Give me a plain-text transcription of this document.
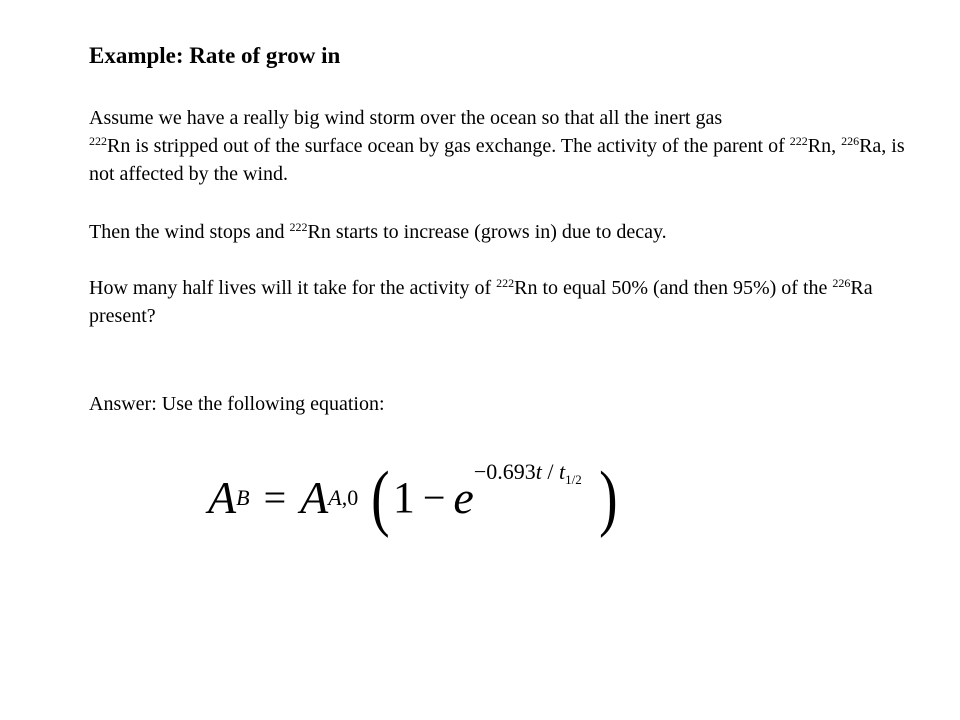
Example: Rate of grow in
Assume we have a really big wind storm over the ocean so that all the inert gas
$^{222}$Rn is stripped out of the surface ocean by gas exchange. The activity of the parent of $^{222}$Rn, $^{226}$Ra, is not affected by the wind.
Then the wind stops and $^{222}$Rn starts to increase (grows in) due to decay.
How many half lives will it take for the activity of $^{222}$Rn to equal 50% (and then 95%) of the $^{226}$Ra present?
Answer: Use the following equation:
A B = A A,0 ( 1 − e
$-0.693t / t_{1/2}$ )
